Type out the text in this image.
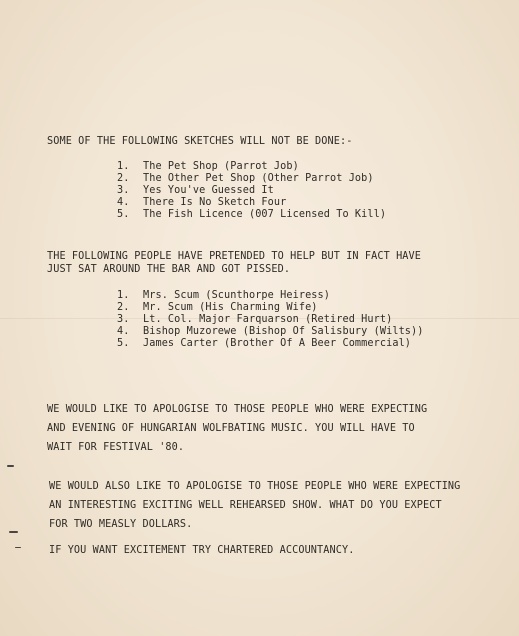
SOME OF THE FOLLOWING SKETCHES WILL NOT BE DONE:-
1. The Pet Shop (Parrot Job)
2. The Other Pet Shop (Other Parrot Job)
3. Yes You've Guessed It
4. There Is No Sketch Four
5. The Fish Licence (007 Licensed To Kill)
THE FOLLOWING PEOPLE HAVE PRETENDED TO HELP BUT IN FACT HAVE
JUST SAT AROUND THE BAR AND GOT PISSED.
1. Mrs. Scum (Scunthorpe Heiress)
2. Mr. Scum (His Charming Wife)
3. Lt. Col. Major Farquarson (Retired Hurt)
4. Bishop Muzorewe (Bishop Of Salisbury (Wilts))
5. James Carter (Brother Of A Beer Commercial)
WE WOULD LIKE TO APOLOGISE TO THOSE PEOPLE WHO WERE EXPECTING
AND EVENING OF HUNGARIAN WOLFBATING MUSIC. YOU WILL HAVE TO
WAIT FOR FESTIVAL '80.
WE WOULD ALSO LIKE TO APOLOGISE TO THOSE PEOPLE WHO WERE EXPECTING
AN INTERESTING EXCITING WELL REHEARSED SHOW. WHAT DO YOU EXPECT
FOR TWO MEASLY DOLLARS.
IF YOU WANT EXCITEMENT TRY CHARTERED ACCOUNTANCY.
